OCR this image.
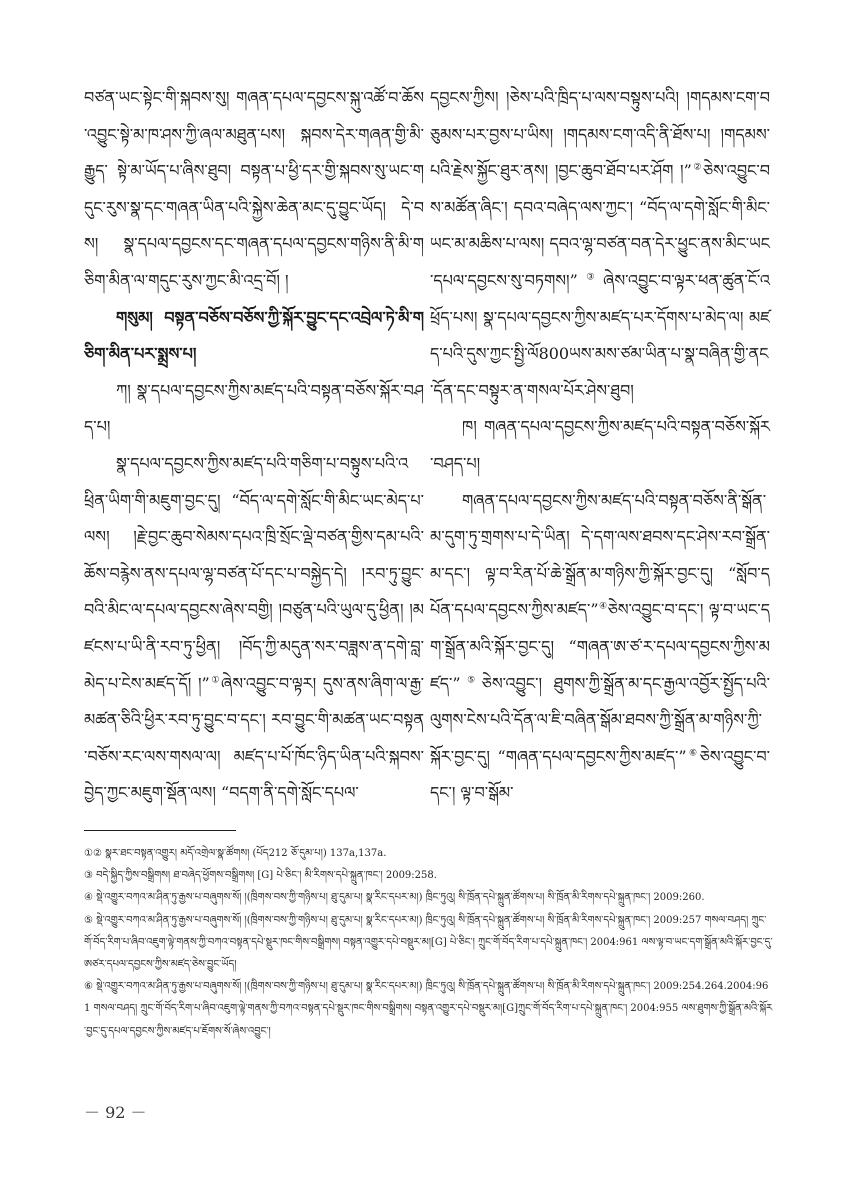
བཙན་ཡང་སྟེང་གི་སྐབས་སུ། གཞན་དཔལ་དབྱངས་སྐུ་འཚོ་བ་ཆོས་འབྱུང་སྟེ་མ་ཁ་ཤས་ཀྱི་ཞལ་མཐུན་པས། སྐབས་དེར་གཞན་གྱི་མི་རྒྱུད་ སྟེ་མ་ཡོད་པ་ཞིས་ཐུབ། བསྟན་པ་ཕྱི་དར་གྱི་སྐབས་སུ་ཡང་གདུང་རུས་སྣ་དང་གཞན་ཡིན་པའི་སྐྱེས་ཆེན་མང་དུ་བྱུང་ཡོད། དེ་བས། སྣ་དཔལ་དབྱངས་དང་གཞན་དཔལ་དབྱངས་གཉིས་ནི་མི་གཅིག་མིན་ལ་གདུང་རུས་ཀྱང་མི་འདྲ་བོ། །

གསུམ། བསྟན་བཅོས་བཅོས་ཀྱི་སྐོར་བྱུང་དང་འབྲེལ་ཏེ་མི་གཅིག་མིན་པར་སྨྲས་པ།

ཀ། སྣ་དཔལ་དབྱངས་ཀྱིས་མཛད་པའི་བསྟན་བཅོས་སྐོར་བཤད་པ།

སྣ་དཔལ་དབྱངས་ཀྱིས་མཛད་པའི་གཅིག་པ་བསྟུས་པའི་འཕྲིན་ཡིག་གི་མཇུག་བྱང་དུ། “བོད་ལ་དགེ་སློང་གི་མིང་ཡང་མེད་པ་ལས། །རྗེ་བྱང་ཆུབ་སེམས་དཔའ་ཁྲི་སྲོང་ལྡེ་བཙན་གྱིས་དམ་པའི་ཆོས་བརྙེས་ནས་དཔལ་ལྷ་བཙན་པོ་དང་པ་བསྐྱེད་དེ། །རབ་ཏུ་བྱུང་བའི་མིང་ལ་དཔལ་དབྱངས་ཞེས་བགྱི། །བཙུན་པའི་ཡུལ་དུ་ཕྱིན། །མཛངས་པ་ཡི་ནི་རབ་ཏུ་ཕྱིན། །བོད་ཀྱི་མདུན་སར་བཟླས་ན་དགེ་བླ་མེད་པ་ངེས་མཛད་དོ། །”①ཞེས་འབྱུང་བ་ལྟར། དུས་ནས་ཞིག་ལ་རྒྱ་མཚན་ཅིའི་ཕྱིར་རབ་ཏུ་བྱུང་བ་དང་། རབ་བྱུང་གི་མཚན་ཡང་བསྟན་བཅོས་རང་ལས་གསལ་ལ། མཛད་པ་པོ་ཁོང་ཉིད་ཡིན་པའི་སྐབས་བྱེད་ཀྱང་མཇུག་སྡོན་ལས། “བདག་ནི་དགེ་སློང་དཔལ་

དབྱངས་ཀྱིས། །ཅེས་པའི་ཁྲིད་པ་ལས་བསྟུས་པའི། །གདམས་ངག་བཅུམས་པར་བྱས་པ་ཡིས། །གདམས་ངག་འདི་ནི་ཐོས་པ། །གདམས་པའི་རྗེས་སྐྱོང་ཐུར་ནས། །བྱང་ཆུབ་ཐོབ་པར་ཤོག །”②ཅེས་འབྱུང་བས་མཚོན་ཞིང་། དབའ་བཞེད་ལས་ཀྱང་། “བོད་ལ་དགེ་སློང་གི་མིང་ཡང་མ་མཆིས་པ་ལས། དབའ་ལྷ་བཙན་བན་དེར་ཕྱུང་ནས་མིང་ཡང་དཔལ་དབྱངས་སུ་བཏགས།”③ཞེས་འབྱུང་བ་ལྟར་ཕན་ཚུན་ངོ་འཕྲོད་པས། སྣ་དཔལ་དབྱངས་ཀྱིས་མཛད་པར་དོགས་པ་མེད་ལ། མཛད་པའི་དུས་ཀྱང་སྤྱི་ལོ800ཡས་མས་ཙམ་ཡིན་པ་སྣ་བཞིན་གྱི་ནང་དོན་དང་བསྟུར་ན་གསལ་པོར་ཤེས་ཐུབ།

ཁ། གཞན་དཔལ་དབྱངས་ཀྱིས་མཛད་པའི་བསྟན་བཅོས་སྐོར་བཤད་པ།

གཞན་དཔལ་དབྱངས་ཀྱིས་མཛད་པའི་བསྟན་བཅོས་ནི་སྒོན་མ་དུག་ཏུ་གྲགས་པ་དེ་ཡིན། དེ་དག་ལས་ཐབས་དང་ཤེས་རབ་སྒྲོན་མ་དང་། ལྟ་བ་རིན་པོ་ཆེ་སྒྲོན་མ་གཉིས་ཀྱི་སྐོར་བྱང་དུ། “སློབ་དཔོན་དཔལ་དབྱངས་ཀྱིས་མཛད་”④ཅེས་འབྱུང་བ་དང་། ལྟ་བ་ཡང་དག་སྒྲོན་མའི་སྐོར་བྱང་དུ། “གཞན་ཨ་ཙ་ར་དཔལ་དབྱངས་ཀྱིས་མཛད་”⑤ཅེས་འབྱུང་། ཐུགས་ཀྱི་སྒྲོན་མ་དང་རྒྱལ་འབྱོར་སྤྱོད་པའི་ལུགས་ངེས་པའི་དོན་ལ་ཇི་བཞིན་སྒོམ་ཐབས་ཀྱི་སྒྲོན་མ་གཉིས་ཀྱི་སྐོར་བྱང་དུ། “གཞན་དཔལ་དབྱངས་ཀྱིས་མཛད་”⑥ཅེས་འབྱུང་བ་དང་། ལྟ་བ་སྒོམ་

①② སྣར་ཐང་བསྟན་འགྱུར། མདོ་འགྲེལ་སྣ་ཚོགས། (པོད212 ཅོ་དུམ་པ།) 137a,137a.

③ བདེ་སྐྱིད་ཀྱིས་བསྒྲིགས། ཐ་བཞེད་ཕྱོགས་བསྒྲིགས། [G] པེ་ཅིང་། མི་རིགས་དཔེ་སྐྲུན་ཁང་། 2009:258.

④ སྡེ་འགྱུར་བཀའ་མ་ཤིན་ཏུ་རྒྱས་པ་བཞུགས་སོ། །(ཁྲིགས་བས་ཀྱི་གཉིས་པ། ཐུ་དུམ་པ། སྣ་རིང་དཔར་མ།) ཁྲིང་ཏུའུ། སི་ཁྲོན་དཔེ་སྐྲུན་ཚོགས་པ། སི་ཁྲོན་མི་རིགས་དཔེ་སྐྲུན་ཁང་། 2009:260.

⑤ སྡེ་འགྱུར་བཀའ་མ་ཤིན་ཏུ་རྒྱས་པ་བཞུགས་སོ། །(ཁྲིགས་བས་ཀྱི་གཉིས་པ། ཐུ་དུམ་པ། སྣ་རིང་དཔར་མ།) ཁྲིང་ཏུའུ། སི་ཁྲོན་དཔེ་སྐྲུན་ཚོགས་པ། སི་ཁྲོན་མི་རིགས་དཔེ་སྐྲུན་ཁང་། 2009:257 གསལ་བཤད། ཀྲུང་གོ་བོད་རིག་པ་ཞིབ་འཇུག་ལྟེ་གནས་ཀྱི་བཀའ་བསྟན་དཔེ་སྡུར་ཁང་གིས་བསྒྲིགས། བསྟན་འགྱུར་དཔེ་བསྡུར་མ།[G] པེ་ཅིང་། ཀྲུང་གོ་བོད་རིག་པ་དཔེ་སྐྲུན་ཁང་། 2004:961 ལས་ལྟ་བ་ཡང་དག་སྒྲོན་མའི་སྐོར་བྱང་དུ་ཨཙཪ་དཔལ་དབྱངས་ཀྱིས་མཛད་ཅེས་བྱུང་ཡོད།

⑥ སྡེ་འགྱུར་བཀའ་མ་ཤིན་ཏུ་རྒྱས་པ་བཞུགས་སོ། །(ཁྲིགས་བས་ཀྱི་གཉིས་པ། ཐུ་དུམ་པ། སྣ་རིང་དཔར་མ།) ཁྲིང་ཏུའུ། སི་ཁྲོན་དཔེ་སྐྲུན་ཚོགས་པ། སི་ཁྲོན་མི་རིགས་དཔེ་སྐྲུན་ཁང་། 2009:254.264.2004:961 གསལ་བཤད། ཀྲུང་གོ་བོད་རིག་པ་ཞིབ་འཇུག་ལྟེ་གནས་ཀྱི་བཀའ་བསྟན་དཔེ་སྡུར་ཁང་གིས་བསྒྲིགས། བསྟན་འགྱུར་དཔེ་བསྡུར་མ།[G]ཀྲུང་གོ་བོད་རིག་པ་དཔེ་སྐྲུན་ཁང་། 2004:955 ལས་ཐུགས་ཀྱི་སྒྲོན་མའི་སྐོར་བྱང་དུ་དཔལ་དབྱངས་ཀྱིས་མཛད་པ་ཇོགས་སོ་ཞེས་འབྱུང་།

－ 92 －
